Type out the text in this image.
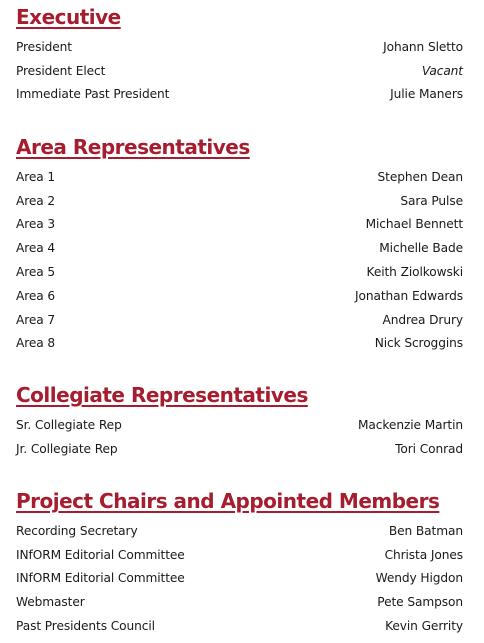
Executive
President	Johann Sletto
President Elect	Vacant
Immediate Past President	Julie Maners
Area Representatives
Area 1	Stephen Dean
Area 2	Sara Pulse
Area 3	Michael Bennett
Area 4	Michelle Bade
Area 5	Keith Ziolkowski
Area 6	Jonathan Edwards
Area 7	Andrea Drury
Area 8	Nick Scroggins
Collegiate Representatives
Sr. Collegiate Rep	Mackenzie Martin
Jr. Collegiate Rep	Tori Conrad
Project Chairs and Appointed Members
Recording Secretary	Ben Batman
INfORM Editorial Committee	Christa Jones
INfORM Editorial Committee	Wendy Higdon
Webmaster	Pete Sampson
Past Presidents Council	Kevin Gerrity
